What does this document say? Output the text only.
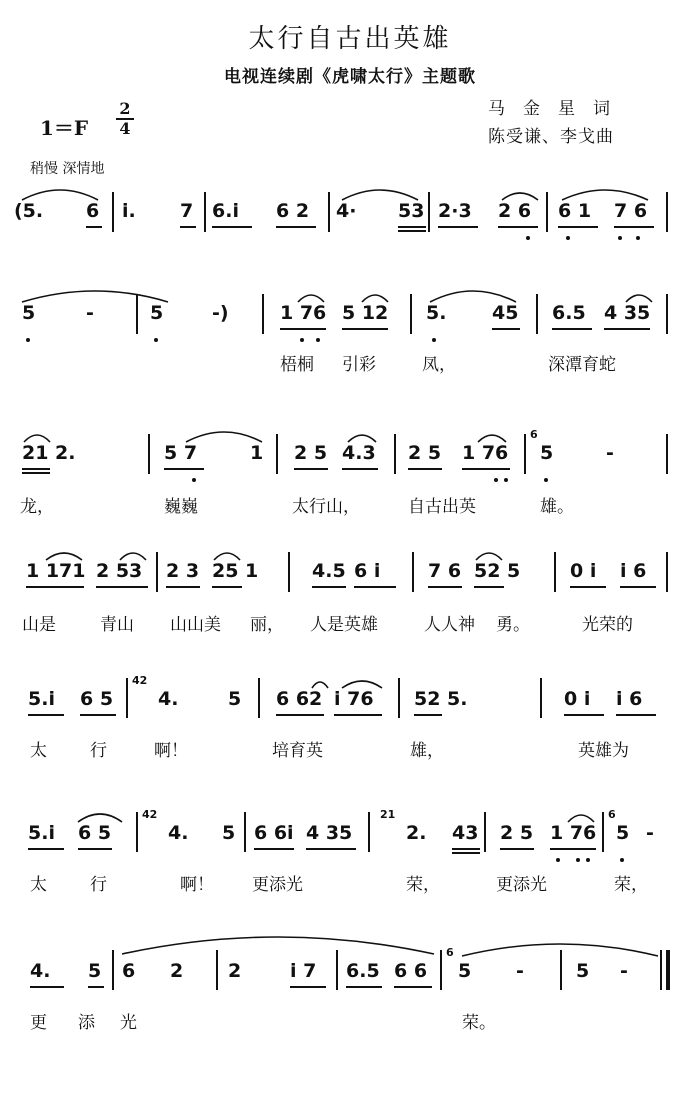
太行自古出英雄
电视连续剧《虎啸太行》主题歌
$1=F \frac{2}{4}$	马金星词
陈受谦、李戈曲
稍慢 深情地
(5. 6 i. 7 6.i 6 2 4· 53 2·3 2 6 6 1 7 6
5	-	5	-)	1 76 5 12 5. 45 6.5 4 35
梧桐 引彩	凤，	深潭育蛇
21 2.	5 7	1 2 5 4.3 2 5 1 76 5	-
6
龙，	巍巍	太行山，	自古出英	雄。
1 171 2 53 2 3 25 1	4.5 6 i	7 6 52 5	0 i i 6
山是	青山 山山美 丽， 人是英雄	人人神 勇。	光荣的
5.i 6 5
42
4.	5 6 62 i 76 52 5.	0 i i 6
太	行	啊！	培育英	雄，	英雄为
5.i 6 5
42
4. 5 6 6i 4 35
21
2. 43 2 5 1 76
6
5 -
太	行	啊！ 更添光	荣，	更添光	荣，
4. 5 6 2 2	i 7 6.5 6 6
6
5 -	5 -
更 添 光	荣。
